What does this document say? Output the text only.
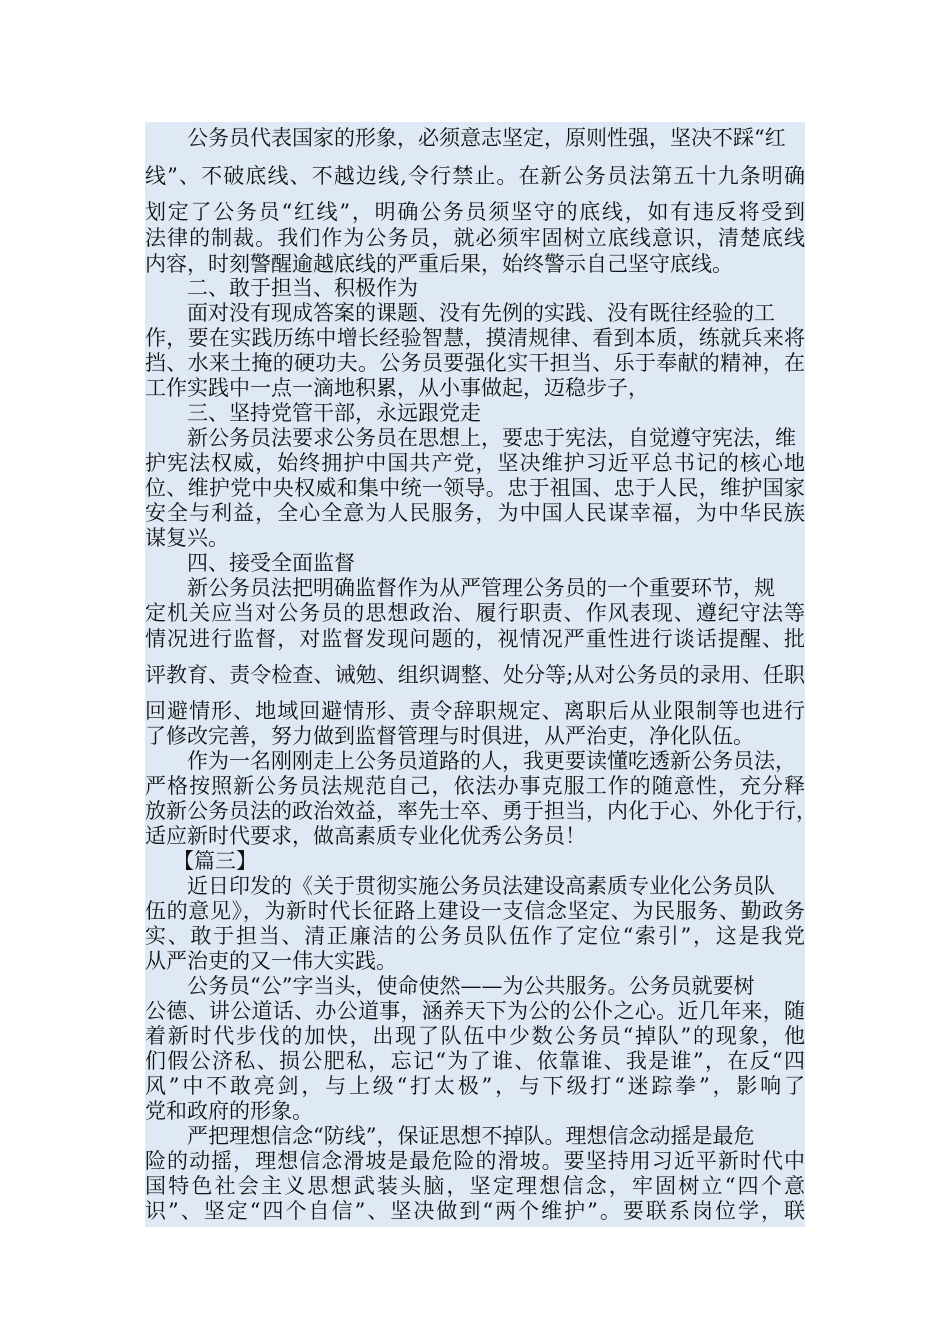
公务员代表国家的形象，必须意志坚定，原则性强，坚决不踩“红
线”、不破底线、不越边线,令行禁止。在新公务员法第五十九条明确
划定了公务员“红线”，明确公务员须坚守的底线，如有违反将受到
法律的制裁。我们作为公务员，就必须牢固树立底线意识，清楚底线
内容，时刻警醒逾越底线的严重后果，始终警示自己坚守底线。
二、敢于担当、积极作为
面对没有现成答案的课题、没有先例的实践、没有既往经验的工
作，要在实践历练中增长经验智慧，摸清规律、看到本质，练就兵来将
挡、水来土掩的硬功夫。公务员要强化实干担当、乐于奉献的精神，在
工作实践中一点一滴地积累，从小事做起，迈稳步子，
三、坚持党管干部，永远跟党走
新公务员法要求公务员在思想上，要忠于宪法，自觉遵守宪法，维
护宪法权威，始终拥护中国共产党，坚决维护习近平总书记的核心地
位、维护党中央权威和集中统一领导。忠于祖国、忠于人民，维护国家
安全与利益，全心全意为人民服务，为中国人民谋幸福，为中华民族
谋复兴。
四、接受全面监督
新公务员法把明确监督作为从严管理公务员的一个重要环节，规
定机关应当对公务员的思想政治、履行职责、作风表现、遵纪守法等
情况进行监督，对监督发现问题的，视情况严重性进行谈话提醒、批
评教育、责令检查、诫勉、组织调整、处分等;从对公务员的录用、任职
回避情形、地域回避情形、责令辞职规定、离职后从业限制等也进行
了修改完善，努力做到监督管理与时俱进，从严治吏，净化队伍。
作为一名刚刚走上公务员道路的人，我更要读懂吃透新公务员法，
严格按照新公务员法规范自己，依法办事克服工作的随意性，充分释
放新公务员法的政治效益，率先士卒、勇于担当，内化于心、外化于行，
适应新时代要求，做高素质专业化优秀公务员！
【篇三】
近日印发的《关于贯彻实施公务员法建设高素质专业化公务员队
伍的意见》，为新时代长征路上建设一支信念坚定、为民服务、勤政务
实、敢于担当、清正廉洁的公务员队伍作了定位“索引”，这是我党
从严治吏的又一伟大实践。
公务员“公”字当头，使命使然——为公共服务。公务员就要树
公德、讲公道话、办公道事，涵养天下为公的公仆之心。近几年来，随
着新时代步伐的加快，出现了队伍中少数公务员“掉队”的现象，他
们假公济私、损公肥私，忘记“为了谁、依靠谁、我是谁”，在反“四
风”中不敢亮剑，与上级“打太极”，与下级打“迷踪拳”，影响了
党和政府的形象。
严把理想信念“防线”，保证思想不掉队。理想信念动摇是最危
险的动摇，理想信念滑坡是最危险的滑坡。要坚持用习近平新时代中
国特色社会主义思想武装头脑，坚定理想信念，牢固树立“四个意
识”、坚定“四个自信”、坚决做到“两个维护”。要联系岗位学，联
